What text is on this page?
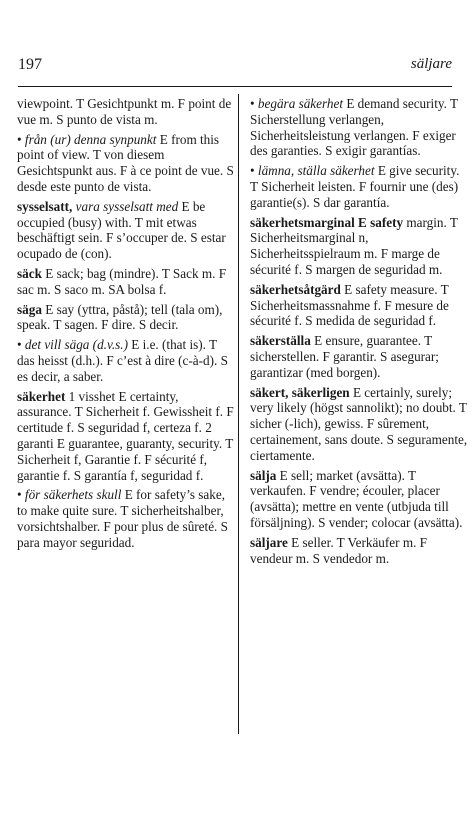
197	säljare

viewpoint. T Gesichtpunkt m. F point de vue m. S punto de vista m.

• från (ur) denna synpunkt E from this point of view. T von diesem Gesichtspunkt aus. F à ce point de vue. S desde este punto de vista.

sysselsatt, vara sysselsatt med E be occupied (busy) with. T mit etwas beschäftigt sein. F s’occuper de. S estar ocupado de (con).

säck E sack; bag (mindre). T Sack m. F sac m. S saco m. SA bolsa f.

säga E say (yttra, påstå); tell (tala om), speak. T sagen. F dire. S decir.

• det vill säga (d.v.s.) E i.e. (that is). T das heisst (d.h.). F c’est à dire (c-à-d). S es decir, a saber.

säkerhet 1 visshet E certainty, assurance. T Sicherheit f. Gewissheit f. F certitude f. S seguridad f, certeza f. 2 garanti E guarantee, guaranty, security. T Sicherheit f, Garantie f. F sécurité f, garantie f. S garantía f, seguridad f.

• för säkerhets skull E for safety’s sake, to make quite sure. T sicherheitshalber, vorsichtshalber. F pour plus de sûreté. S para mayor seguridad.

• begära säkerhet E demand security. T Sicherstellung verlangen, Sicherheitsleistung verlangen. F exiger des garanties. S exigir garantías.

• lämna, ställa säkerhet E give security. T Sicherheit leisten. F fournir une (des) garantie(s). S dar garantía.

säkerhetsmarginal E safety margin. T Sicherheitsmarginal n, Sicherheitsspielraum m. F marge de sécurité f. S margen de seguridad m.

säkerhetsåtgärd E safety measure. T Sicherheitsmassnahme f. F mesure de sécurité f. S medida de seguridad f.

säkerställa E ensure, guarantee. T sicherstellen. F garantir. S asegurar; garantizar (med borgen).

säkert, säkerligen E certainly, surely; very likely (högst sannolikt); no doubt. T sicher (-lich), gewiss. F sûrement, certainement, sans doute. S seguramente, ciertamente.

sälja E sell; market (avsätta). T verkaufen. F vendre; écouler, placer (avsätta); mettre en vente (utbjuda till försäljning). S vender; colocar (avsätta).

säljare E seller. T Verkäufer m. F vendeur m. S vendedor m.
